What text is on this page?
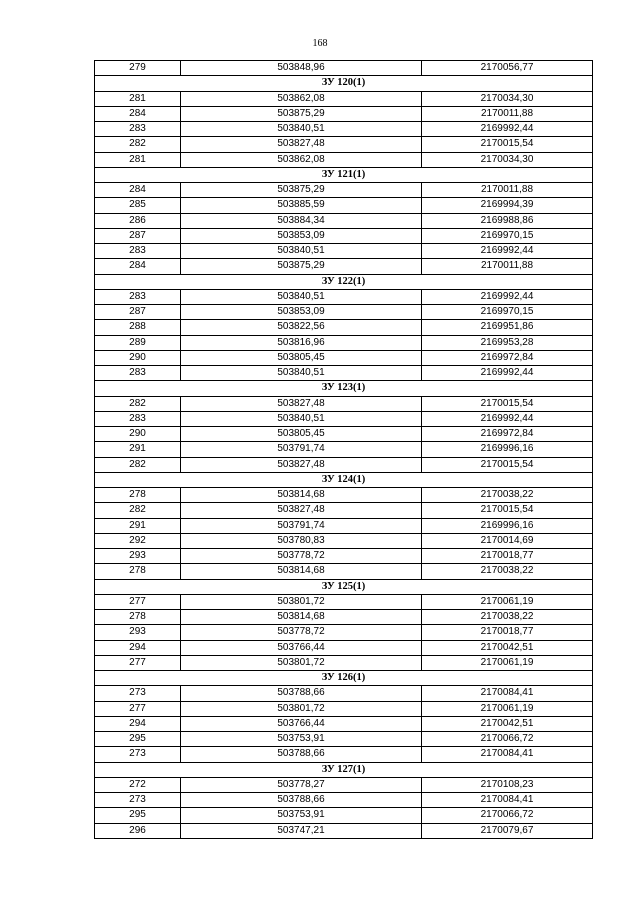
168
279	503848,96	2170056,77
ЗУ 120(1)		
281	503862,08	2170034,30
284	503875,29	2170011,88
283	503840,51	2169992,44
282	503827,48	2170015,54
281	503862,08	2170034,30
ЗУ 121(1)		
284	503875,29	2170011,88
285	503885,59	2169994,39
286	503884,34	2169988,86
287	503853,09	2169970,15
283	503840,51	2169992,44
284	503875,29	2170011,88
ЗУ 122(1)		
283	503840,51	2169992,44
287	503853,09	2169970,15
288	503822,56	2169951,86
289	503816,96	2169953,28
290	503805,45	2169972,84
283	503840,51	2169992,44
ЗУ 123(1)		
282	503827,48	2170015,54
283	503840,51	2169992,44
290	503805,45	2169972,84
291	503791,74	2169996,16
282	503827,48	2170015,54
ЗУ 124(1)		
278	503814,68	2170038,22
282	503827,48	2170015,54
291	503791,74	2169996,16
292	503780,83	2170014,69
293	503778,72	2170018,77
278	503814,68	2170038,22
ЗУ 125(1)		
277	503801,72	2170061,19
278	503814,68	2170038,22
293	503778,72	2170018,77
294	503766,44	2170042,51
277	503801,72	2170061,19
ЗУ 126(1)		
273	503788,66	2170084,41
277	503801,72	2170061,19
294	503766,44	2170042,51
295	503753,91	2170066,72
273	503788,66	2170084,41
ЗУ 127(1)		
272	503778,27	2170108,23
273	503788,66	2170084,41
295	503753,91	2170066,72
296	503747,21	2170079,67
